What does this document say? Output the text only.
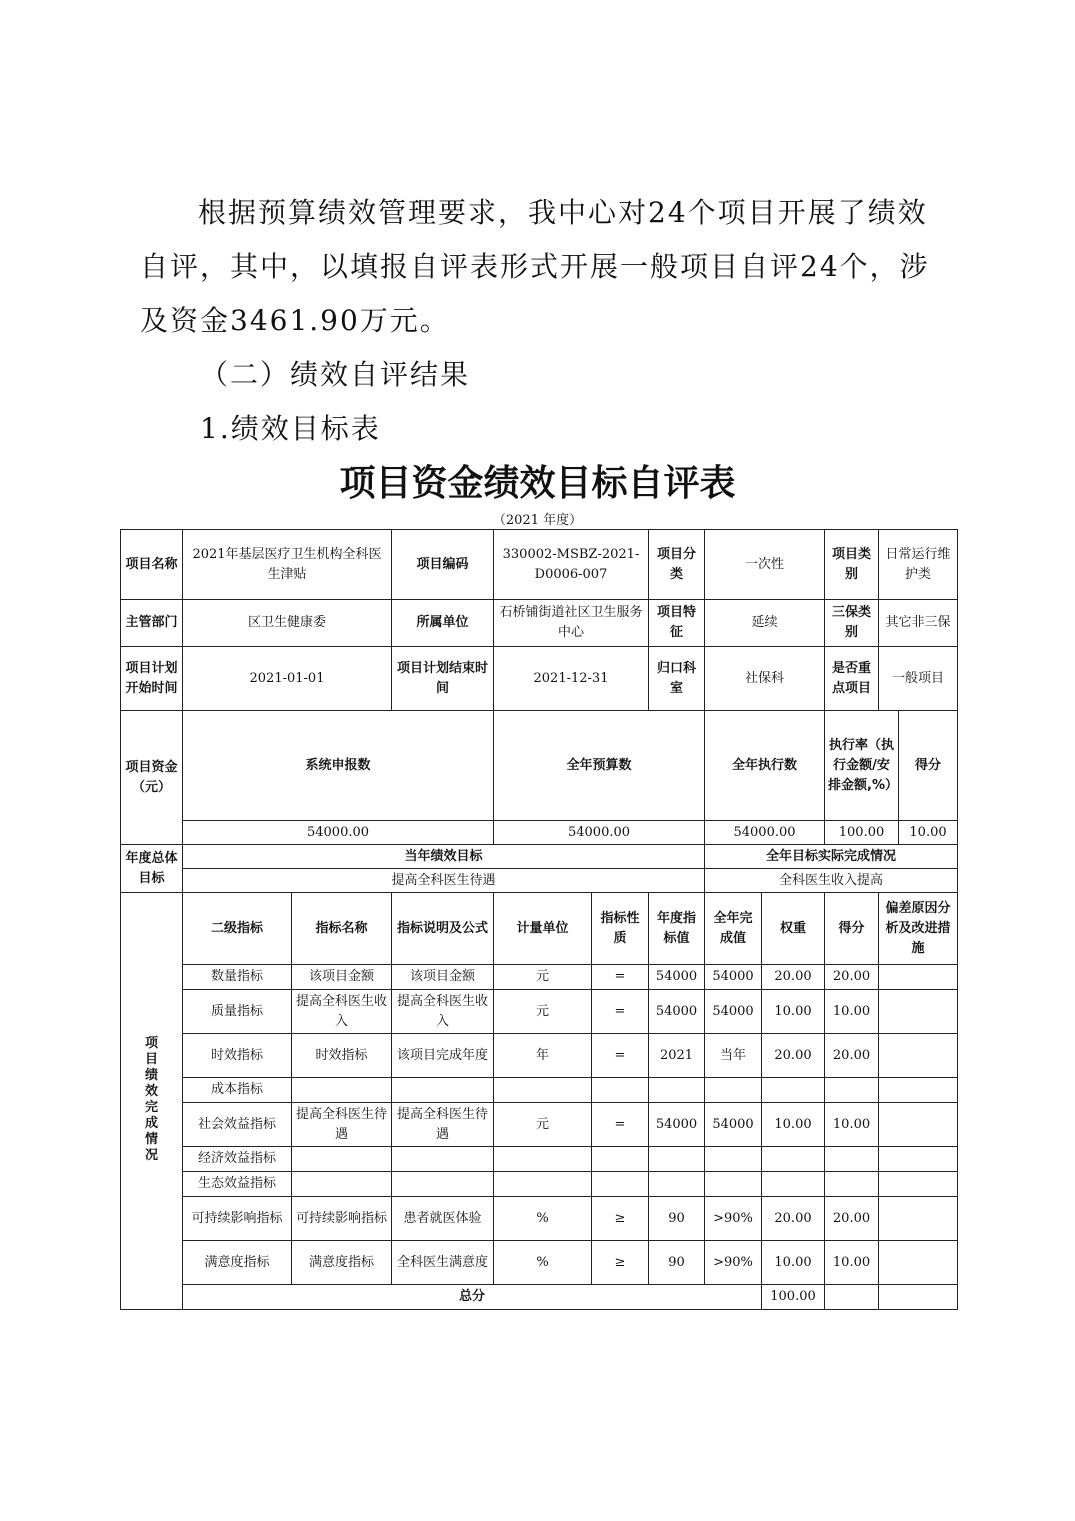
根据预算绩效管理要求，我中心对24个项目开展了绩效自评，其中，以填报自评表形式开展一般项目自评24个，涉及资金3461.90万元。

（二）绩效自评结果

1.绩效目标表

项目资金绩效目标自评表
（2021 年度）
项目名称	2021年基层医疗卫生机构全科医生津贴		项目编码	330002-MSBZ-2021-D0006-007		项目分类	一次性		项目类别	日常运行维护类	
主管部门	区卫生健康委		所属单位	石桥铺街道社区卫生服务中心		项目特征	延续		三保类别	其它非三保	
项目计划开始时间	2021-01-01		项目计划结束时间	2021-12-31		归口科室	社保科		是否重点项目	一般项目	
项目资金（元）	系统申报数			全年预算数			全年执行数		执行率（执行金额/安排金额,%）		得分
	54000.00			54000.00			54000.00		100.00		10.00
年度总体目标	当年绩效目标						全年目标实际完成情况				
	提高全科医生待遇						全科医生收入提高				
项目绩效完成情况	二级指标	指标名称	指标说明及公式	计量单位	指标性质	年度指标值	全年完成值	权重	得分	偏差原因分析及改进措施	
	数量指标	该项目金额	该项目金额	元	=	54000	54000	20.00	20.00		
	质量指标	提高全科医生收入	提高全科医生收入	元	=	54000	54000	10.00	10.00		
	时效指标	时效指标	该项目完成年度	年	=	2021	当年	20.00	20.00		
	成本指标										
	社会效益指标	提高全科医生待遇	提高全科医生待遇	元	=	54000	54000	10.00	10.00		
	经济效益指标										
	生态效益指标										
	可持续影响指标	可持续影响指标	患者就医体验	%	≥	90	>90%	20.00	20.00		
	满意度指标	满意度指标	全科医生满意度	%	≥	90	>90%	10.00	10.00		
	总分							100.00			
